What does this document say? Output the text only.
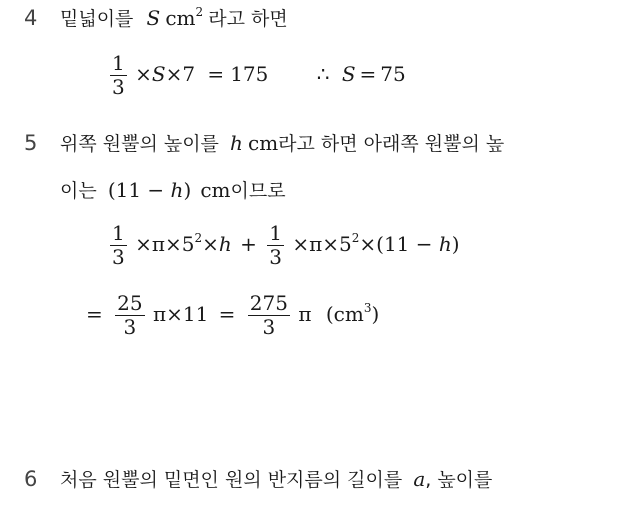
4 밑넓이를 S $cm^2$ 라고 하면
$\frac{1}{3} \times S\times 7 = 175$ ∴ S = 75
5 위쪽 원뿔의 높이를 h cm라고 하면 아래쪽 원뿔의 높
이는 (11 − h) cm이므로
$\frac{1}{3} \times\pi\times 5^2\times h + \frac{1}{3} \times\pi\times 5^2\times(11 - h)$
= $\frac{25}{3} \pi\times 11 = \frac{275}{3}$ π $(cm^3)$
6 처음 원뿔의 밑면인 원의 반지름의 길이를 a, 높이를
